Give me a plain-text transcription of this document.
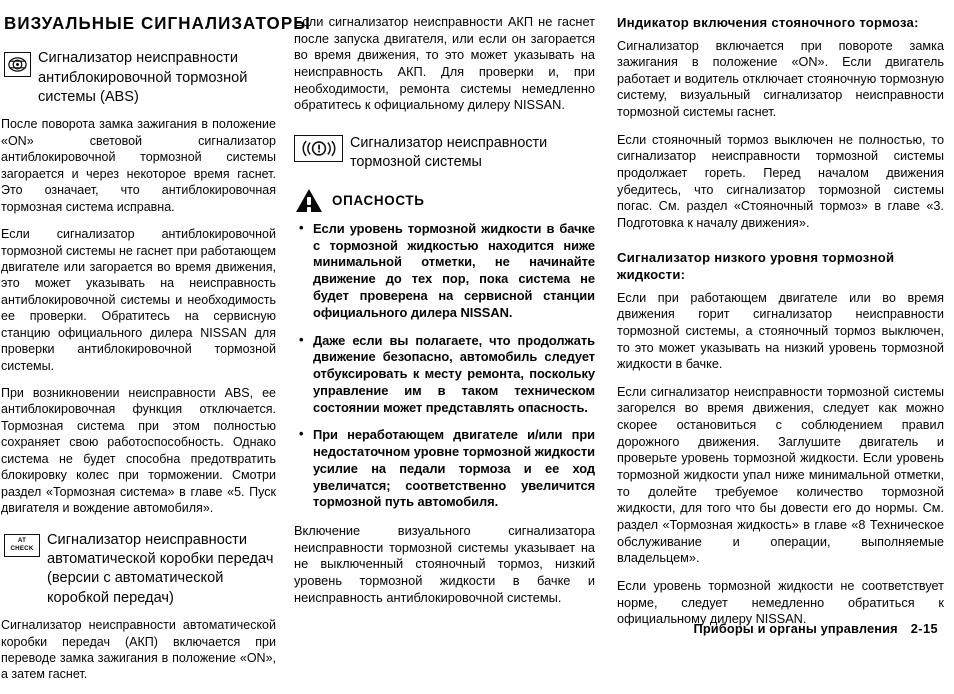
ВИЗУАЛЬНЫЕ СИГНАЛИЗАТОРЫ
Сигнализатор неисправности антиблокировочной тормозной системы (ABS)

После поворота замка зажигания в положение «ON» световой сигнализатор антиблокировочной тормозной системы загорается и через некоторое время гаснет. Это означает, что антиблокировочная тормозная система исправна.

Если сигнализатор антиблокировочной тормозной системы не гаснет при работающем двигателе или загорается во время движения, это может указывать на неисправность антиблокировочной системы и необходимость ее проверки. Обратитесь на сервисную станцию официального дилера NISSAN для проверки антиблокировочной тормозной системы.

При возникновении неисправности ABS, ее антиблокировочная функция отключается. Тормозная система при этом полностью сохраняет свою работоспособность. Однако система не будет способна предотвратить блокировку колес при торможении. Смотри раздел «Тормозная система» в главе «5. Пуск двигателя и вождение автомобиля».

AT
CHECK
Сигнализатор неисправности автоматической коробки передач (версии с автоматической коробкой передач)

Сигнализатор неисправности автоматической коробки передач (АКП) включается при переводе замка зажигания в положение «ON», а затем гаснет.

Если сигнализатор неисправности АКП не гаснет после запуска двигателя, или если он загорается во время движения, то это может указывать на неисправность АКП. Для проверки и, при необходимости, ремонта системы немедленно обратитесь к официальному дилеру NISSAN.

Сигнализатор неисправности тормозной системы
ОПАСНОСТЬ
• Если уровень тормозной жидкости в бачке с тормозной жидкостью находится ниже минимальной отметки, не начинайте движение до тех пор, пока система не будет проверена на сервисной станции официального дилера NISSAN.
• Даже если вы полагаете, что продолжать движение безопасно, автомобиль следует отбуксировать к месту ремонта, поскольку управление им в таком техническом состоянии может представлять опасность.
• При неработающем двигателе и/или при недостаточном уровне тормозной жидкости усилие на педали тормоза и ее ход увеличатся; соответственно увеличится тормозной путь автомобиля.

Включение визуального сигнализатора неисправности тормозной системы указывает на не выключенный стояночный тормоз, низкий уровень тормозной жидкости в бачке и неисправность антиблокировочной системы.

Индикатор включения стояночного тормоза:

Сигнализатор включается при повороте замка зажигания в положение «ON». Если двигатель работает и водитель отключает стояночную тормозную систему, визуальный сигнализатор неисправности тормозной системы гаснет.

Если стояночный тормоз выключен не полностью, то сигнализатор неисправности тормозной системы продолжает гореть. Перед началом движения убедитесь, что сигнализатор тормозной системы погас. См. раздел «Стояночный тормоз» в главе «3. Подготовка к началу движения».

Сигнализатор низкого уровня тормозной жидкости:

Если при работающем двигателе или во время движения горит сигнализатор неисправности тормозной системы, а стояночный тормоз выключен, то это может указывать на низкий уровень тормозной жидкости в бачке.

Если сигнализатор неисправности тормозной системы загорелся во время движения, следует как можно скорее остановиться с соблюдением правил дорожного движения. Заглушите двигатель и проверьте уровень тормозной жидкости. Если уровень тормозной жидкости упал ниже минимальной отметки, то долейте требуемое количество тормозной жидкости, для того что бы довести его до нормы. См. раздел «Тормозная жидкость» в главе «8 Техническое обслуживание и операции, выполняемые владельцем».

Если уровень тормозной жидкости не соответствует норме, следует немедленно обратиться к официальному дилеру NISSAN.

Приборы и органы управления 2-15
